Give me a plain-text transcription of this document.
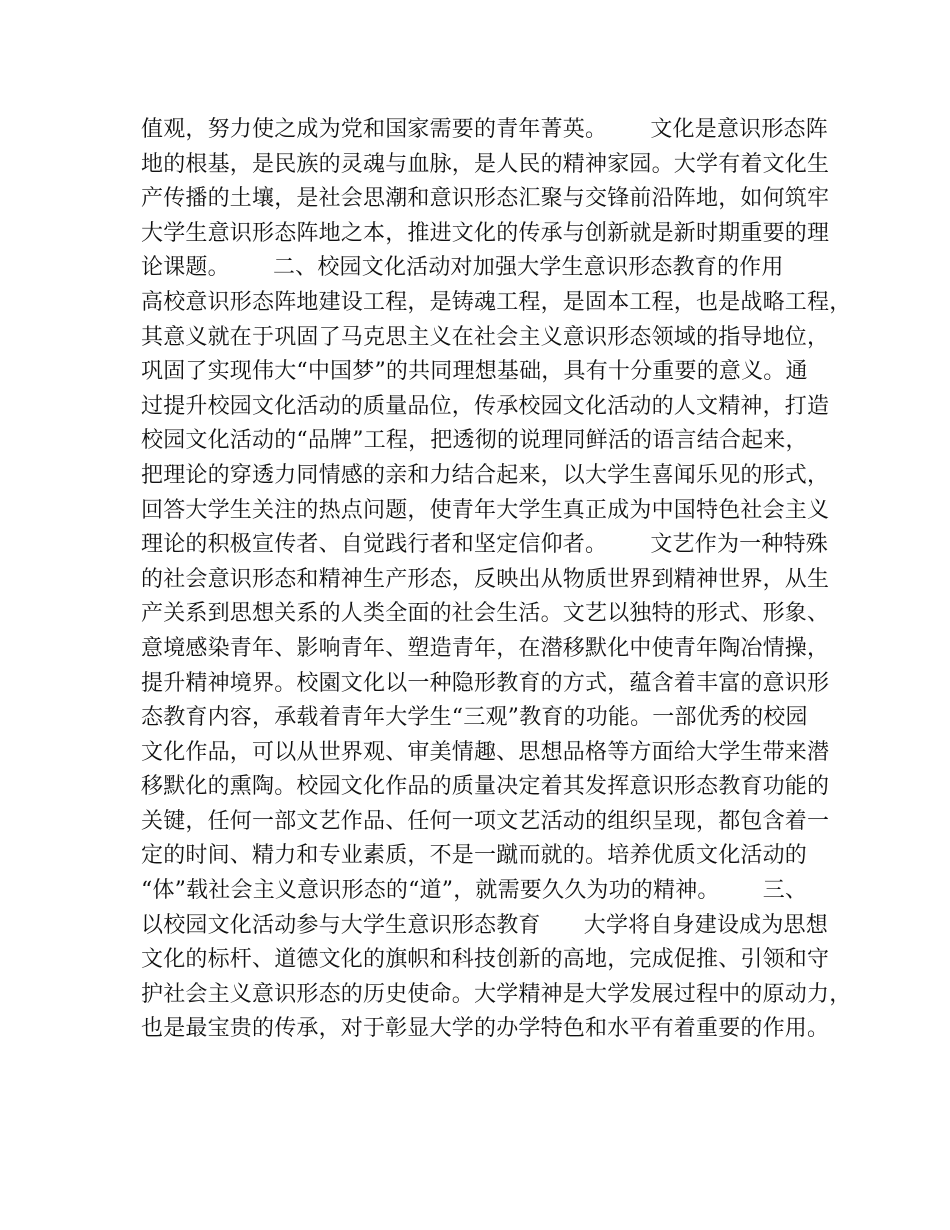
值观，努力使之成为党和国家需要的青年菁英。      文化是意识形态阵
地的根基，是民族的灵魂与血脉，是人民的精神家园。大学有着文化生
产传播的土壤，是社会思潮和意识形态汇聚与交锋前沿阵地，如何筑牢
大学生意识形态阵地之本，推进文化的传承与创新就是新时期重要的理
论课题。      二、校园文化活动对加强大学生意识形态教育的作用
高校意识形态阵地建设工程，是铸魂工程，是固本工程，也是战略工程，
其意义就在于巩固了马克思主义在社会主义意识形态领域的指导地位，
巩固了实现伟大“中国梦”的共同理想基础，具有十分重要的意义。通
过提升校园文化活动的质量品位，传承校园文化活动的人文精神，打造
校园文化活动的“品牌”工程，把透彻的说理同鲜活的语言结合起来，
把理论的穿透力同情感的亲和力结合起来，以大学生喜闻乐见的形式，
回答大学生关注的热点问题，使青年大学生真正成为中国特色社会主义
理论的积极宣传者、自觉践行者和坚定信仰者。      文艺作为一种特殊
的社会意识形态和精神生产形态，反映出从物质世界到精神世界，从生
产关系到思想关系的人类全面的社会生活。文艺以独特的形式、形象、
意境感染青年、影响青年、塑造青年，在潜移默化中使青年陶冶情操，
提升精神境界。校園文化以一种隐形教育的方式，蕴含着丰富的意识形
态教育内容，承载着青年大学生“三观”教育的功能。一部优秀的校园
文化作品，可以从世界观、审美情趣、思想品格等方面给大学生带来潜
移默化的熏陶。校园文化作品的质量决定着其发挥意识形态教育功能的
关键，任何一部文艺作品、任何一项文艺活动的组织呈现，都包含着一
定的时间、精力和专业素质，不是一蹴而就的。培养优质文化活动的
“体”载社会主义意识形态的“道”，就需要久久为功的精神。      三、
以校园文化活动参与大学生意识形态教育      大学将自身建设成为思想
文化的标杆、道德文化的旗帜和科技创新的高地，完成促推、引领和守
护社会主义意识形态的历史使命。大学精神是大学发展过程中的原动力，
也是最宝贵的传承，对于彰显大学的办学特色和水平有着重要的作用。
